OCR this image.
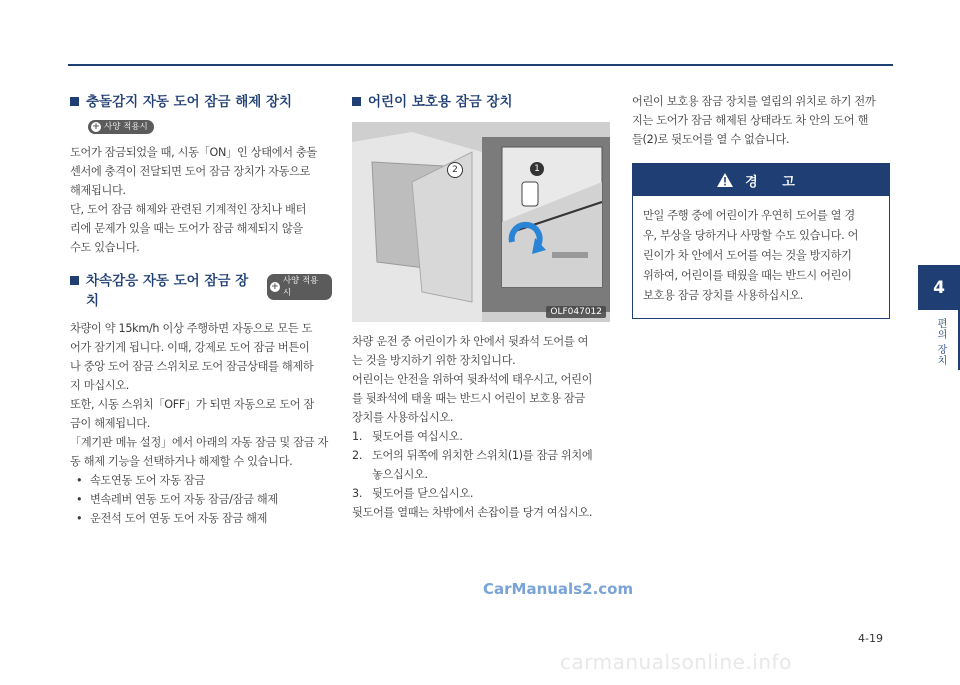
충돌감지 자동 도어 잠금 해제 장치
+ 사양 적용시

도어가 잠금되었을 때, 시동「ON」인 상태에서 충돌

센서에 충격이 전달되면 도어 잠금 장치가 자동으로

해제됩니다.

단, 도어 잠금 해제와 관련된 기계적인 장치나 배터

리에 문제가 있을 때는 도어가 잠금 해제되지 않을

수도 있습니다.

차속감응 자동 도어 잠금 장치
+
사양 적용시

차량이 약 15km/h 이상 주행하면 자동으로 모든 도

어가 잠기게 됩니다. 이때, 강제로 도어 잠금 버튼이

나 중앙 도어 잠금 스위치로 도어 잠금상태를 해제하

지 마십시오.

또한, 시동 스위치「OFF」가 되면 자동으로 도어 잠

금이 해제됩니다.

「계기판 메뉴 설정」에서 아래의 자동 잠금 및 잠금 자

동 해제 기능을 선택하거나 해제할 수 있습니다.

• 속도연동 도어 자동 잠금
• 변속레버 연동 도어 자동 잠금/잠금 해제
• 운전석 도어 연동 도어 자동 잠금 해제
어린이 보호용 잠금 장치
2	1
OLF047012

차량 운전 중 어린이가 차 안에서 뒷좌석 도어를 여

는 것을 방지하기 위한 장치입니다.

어린이는 안전을 위하여 뒷좌석에 태우시고, 어린이

를 뒷좌석에 태울 때는 반드시 어린이 보호용 잠금

장치를 사용하십시오.

1. 뒷도어를 여십시오.
2. 도어의 뒤쪽에 위치한 스위치(1)를 잠금 위치에
놓으십시오.
3. 뒷도어를 닫으십시오.

뒷도어를 열때는 차밖에서 손잡이를 당겨 여십시오.

어린이 보호용 잠금 장치를 열림의 위치로 하기 전까

지는 도어가 잠금 해제된 상태라도 차 안의 도어 핸

들(2)로 뒷도어를 열 수 없습니다.

경 고

만일 주행 중에 어린이가 우연히 도어를 열 경

우, 부상을 당하거나 사망할 수도 있습니다. 어

린이가 차 안에서 도어를 여는 것을 방지하기

위하여, 어린이를 태웠을 때는 반드시 어린이

보호용 잠금 장치를 사용하십시오.	4
편의 장치
CarManuals2.com
4-19
carmanualsonline.info
